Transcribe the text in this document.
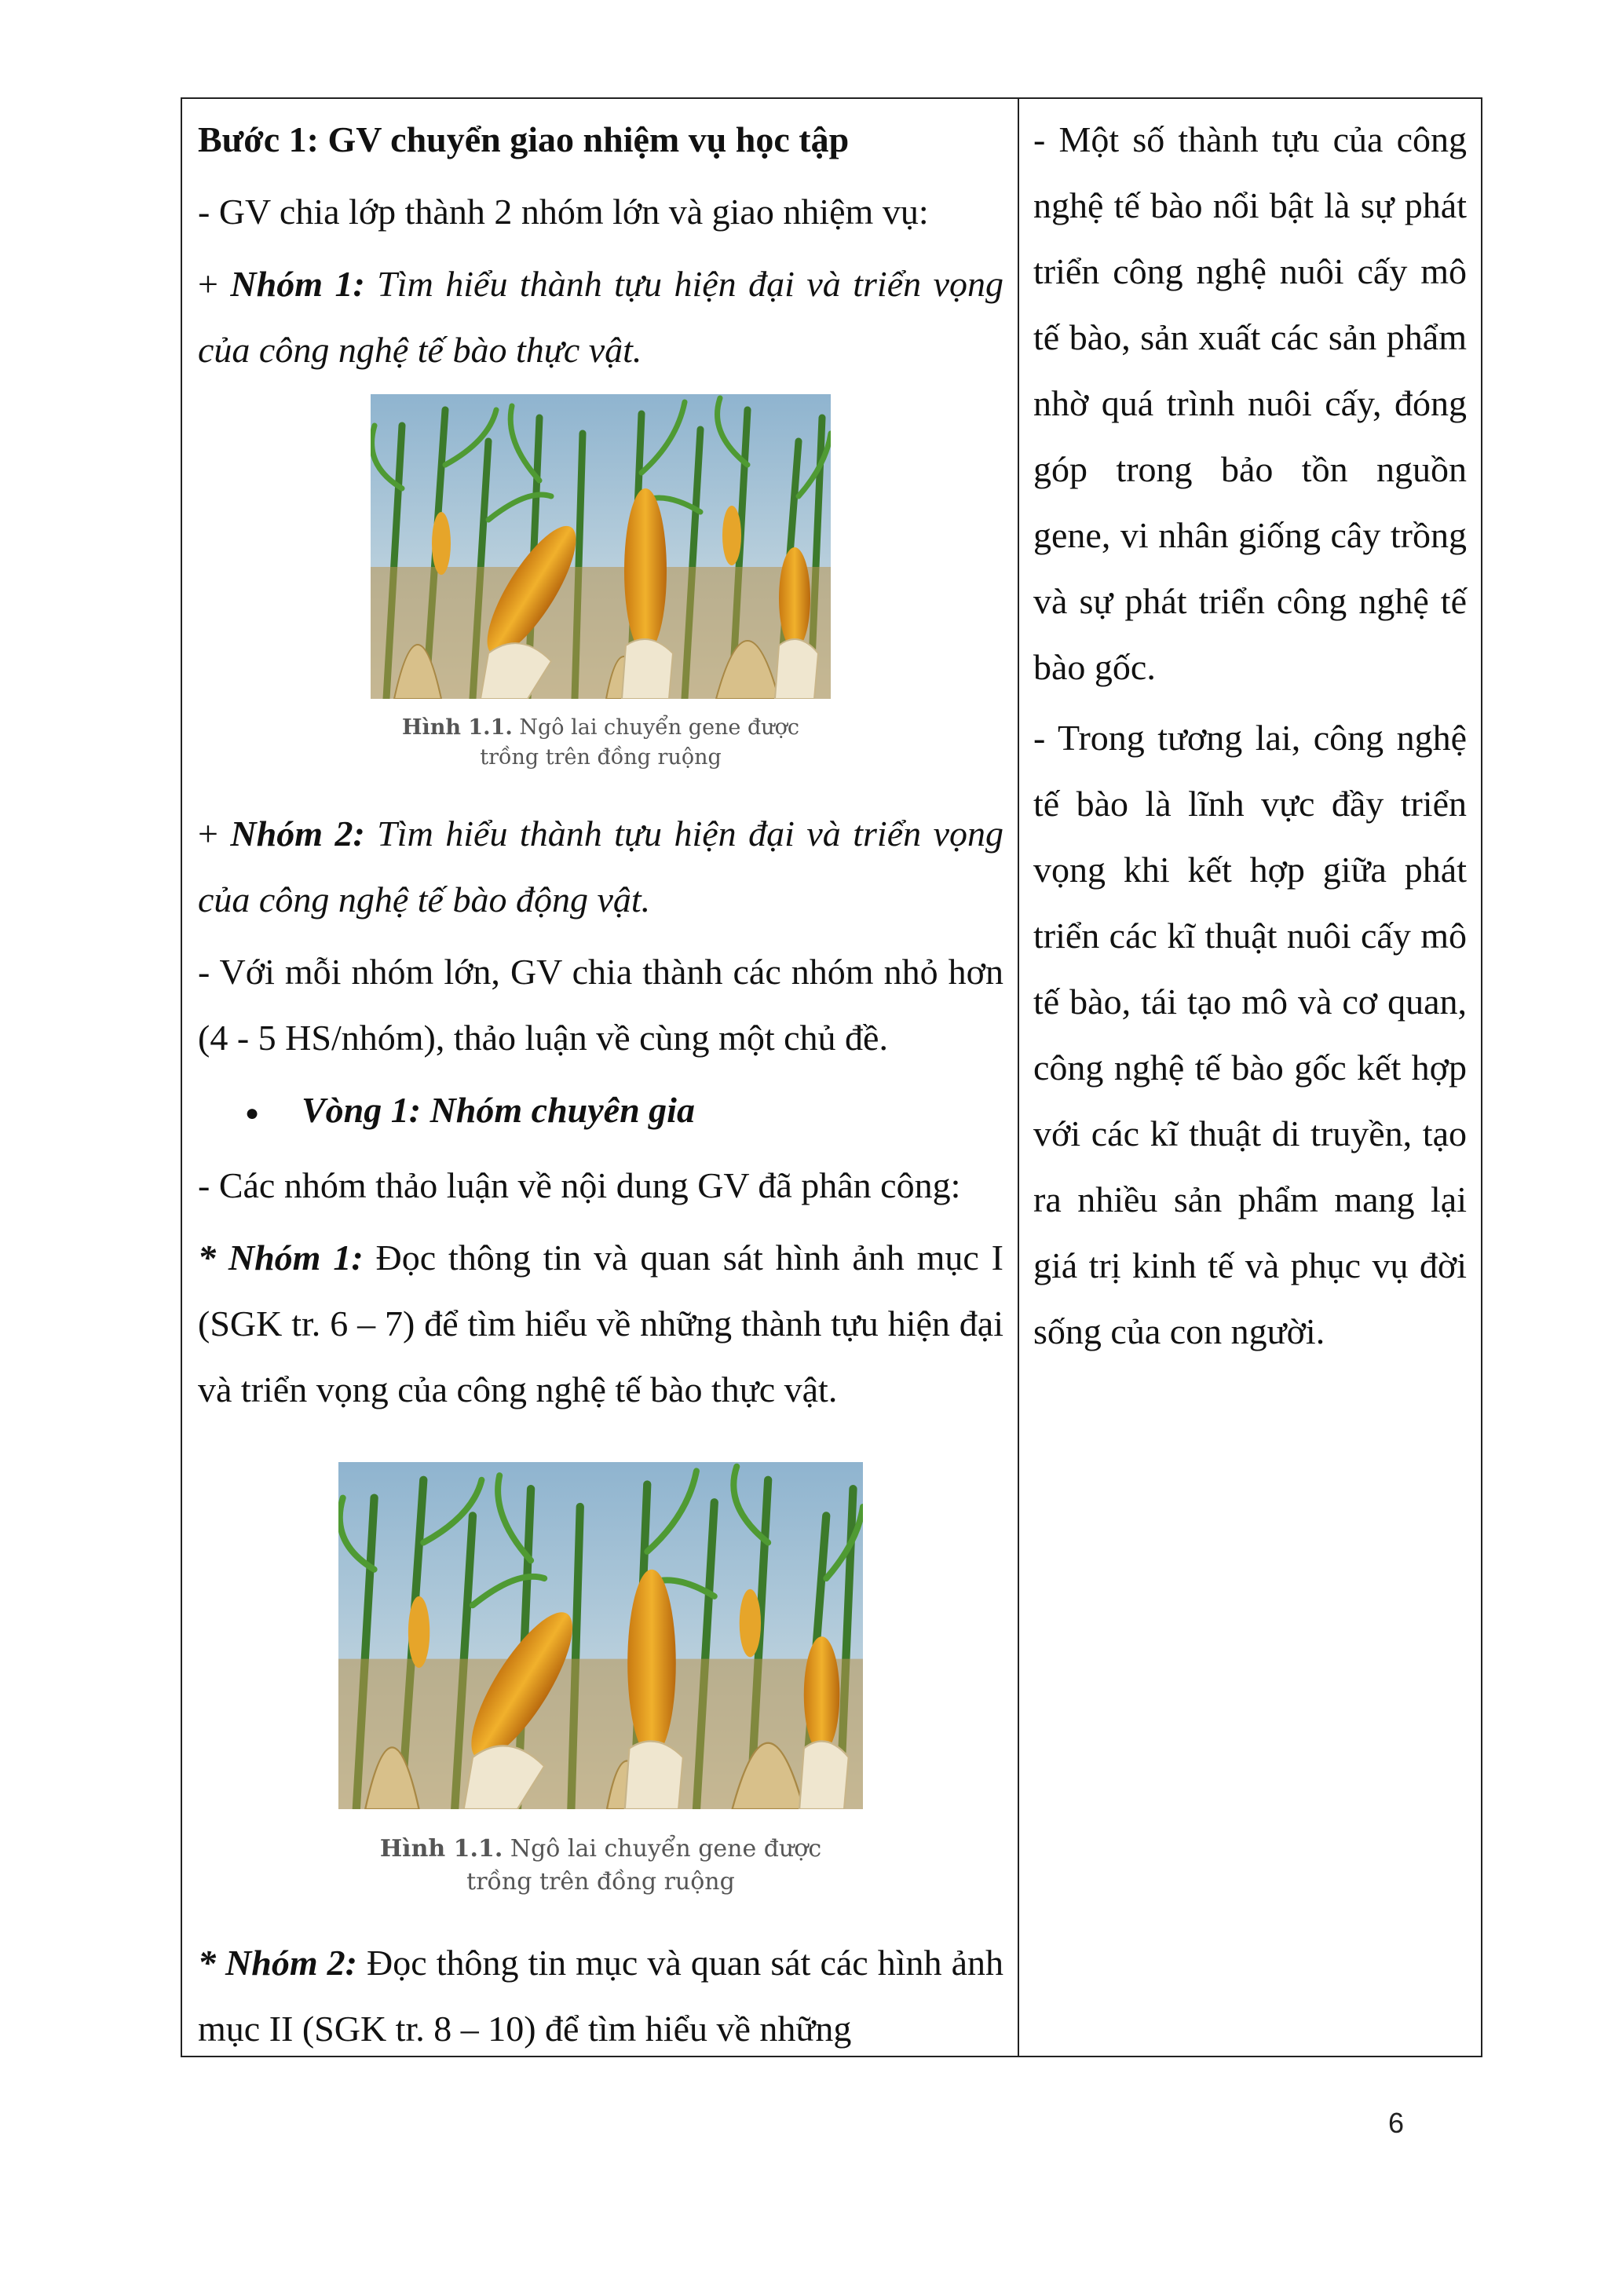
Bước 1: GV chuyển giao nhiệm vụ học tập

- GV chia lớp thành 2 nhóm lớn và giao nhiệm vụ:

+ Nhóm 1: Tìm hiểu thành tựu hiện đại và triển vọng của công nghệ tế bào thực vật.

Hình 1.1. Ngô lai chuyển gene được trồng trên đồng ruộng

+ Nhóm 2: Tìm hiểu thành tựu hiện đại và triển vọng của công nghệ tế bào động vật.

- Với mỗi nhóm lớn, GV chia thành các nhóm nhỏ hơn (4 - 5 HS/nhóm), thảo luận về cùng một chủ đề.

● Vòng 1: Nhóm chuyên gia

- Các nhóm thảo luận về nội dung GV đã phân công:

* Nhóm 1: Đọc thông tin và quan sát hình ảnh mục I (SGK tr. 6 – 7) để tìm hiểu về những thành tựu hiện đại và triển vọng của công nghệ tế bào thực vật.

Hình 1.1. Ngô lai chuyển gene được trồng trên đồng ruộng

* Nhóm 2: Đọc thông tin mục và quan sát các hình ảnh mục II (SGK tr. 8 – 10) để tìm hiểu về những

- Một số thành tựu của công nghệ tế bào nổi bật là sự phát triển công nghệ nuôi cấy mô tế bào, sản xuất các sản phẩm nhờ quá trình nuôi cấy, đóng góp trong bảo tồn nguồn gene, vi nhân giống cây trồng và sự phát triển công nghệ tế bào gốc.

- Trong tương lai, công nghệ tế bào là lĩnh vực đầy triển vọng khi kết hợp giữa phát triển các kĩ thuật nuôi cấy mô tế bào, tái tạo mô và cơ quan, công nghệ tế bào gốc kết hợp với các kĩ thuật di truyền, tạo ra nhiều sản phẩm mang lại giá trị kinh tế và phục vụ đời sống của con người.

6
